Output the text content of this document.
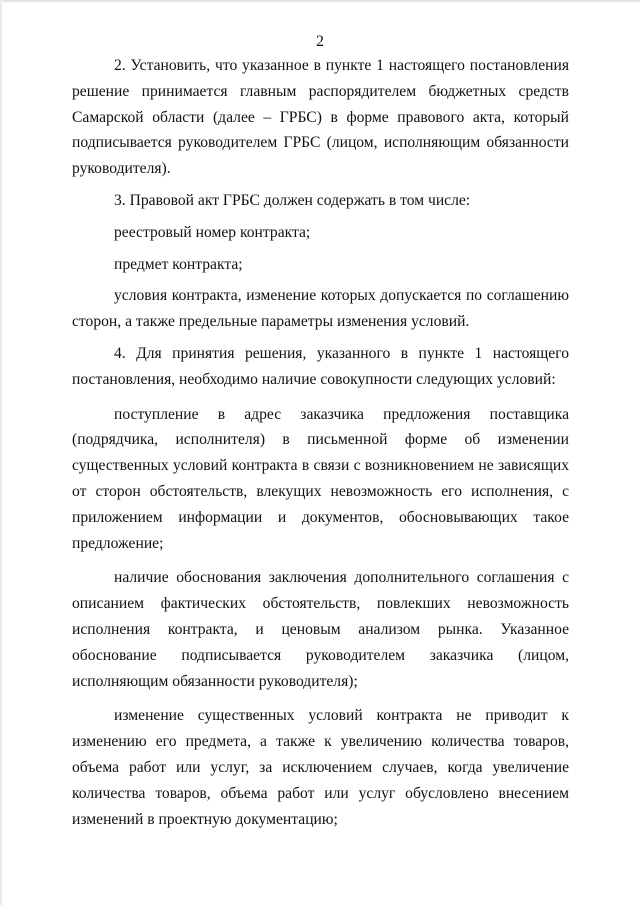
2

2. Установить, что указанное в пункте 1 настоящего постановления решение принимается главным распорядителем бюджетных средств Самарской области (далее – ГРБС) в форме правового акта, который подписывается руководителем ГРБС (лицом, исполняющим обязанности руководителя).

3. Правовой акт ГРБС должен содержать в том числе:

реестровый номер контракта;

предмет контракта;

условия контракта, изменение которых допускается по соглашению сторон, а также предельные параметры изменения условий.

4. Для принятия решения, указанного в пункте 1 настоящего постановления, необходимо наличие совокупности следующих условий:

поступление в адрес заказчика предложения поставщика (подрядчика, исполнителя) в письменной форме об изменении существенных условий контракта в связи с возникновением не зависящих от сторон обстоятельств, влекущих невозможность его исполнения, с приложением информации и документов, обосновывающих такое предложение;

наличие обоснования заключения дополнительного соглашения с описанием фактических обстоятельств, повлекших невозможность исполнения контракта, и ценовым анализом рынка. Указанное обоснование подписывается руководителем заказчика (лицом, исполняющим обязанности руководителя);

изменение существенных условий контракта не приводит к изменению его предмета, а также к увеличению количества товаров, объема работ или услуг, за исключением случаев, когда увеличение количества товаров, объема работ или услуг обусловлено внесением изменений в проектную документацию;
